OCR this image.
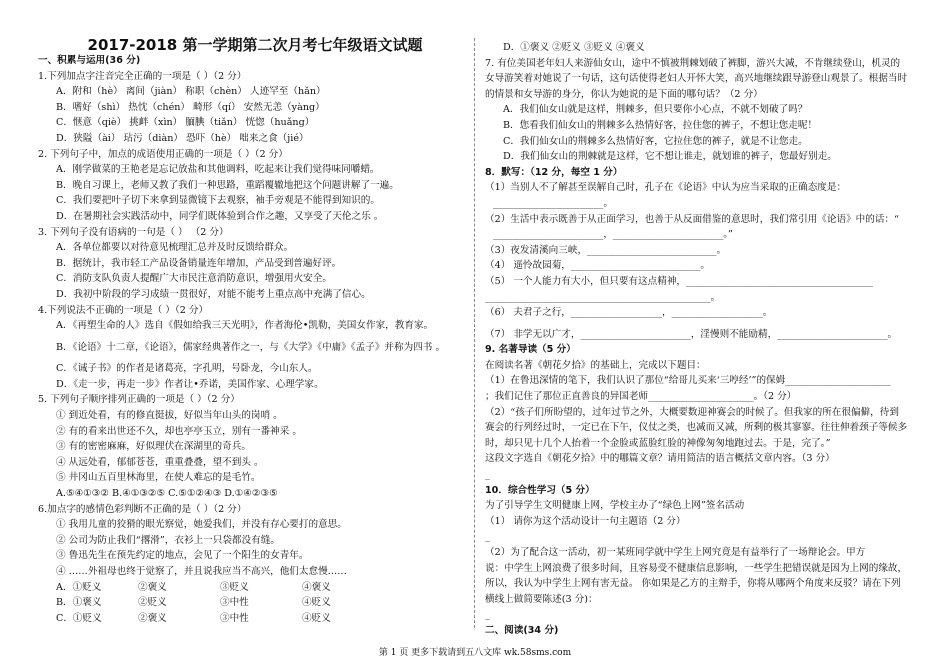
2017-2018 第一学期第二次月考七年级语文试题
一、积累与运用(36 分)
1.下列加点字注音完全正确的一项是（ ）（2 分）
A．附和（hè） 离间（jiàn） 称职（chèn） 人迹罕至（hǎn）
B．嗜好（shì） 热忱（chén） 畸形（qí） 安然无恙（yàng）
C．惬意（qiè） 挑衅（xìn） 腼腆（tiǎn） 恍惚（huǎng）
D．狭隘（ài） 玷污（diàn） 恐吓（hè） 咄来之食（jié）
2. 下列句子中，加点的成语使用正确的一项是（ ）（2 分）
A．刚学做菜的王艳老是忘记放盐和其他调料，吃起来让我们觉得味同嚼蜡。
B．晚自习课上，老师又教了我们一种思路，重蹈覆辙地把这个问题讲解了一遍。
C．我们要把叶子切下来拿到显微镜下去观察，袖手旁观是不能得到知识的。
D．在暑期社会实践活动中，同学们既体验到合作之趣，又享受了天伦之乐 。
3. 下列句子没有语病的一句是（ ） （2 分）
A．各单位都要以对待意见梳理汇总并及时反馈给群众。
B．据统计，我市轻工产品设备销量连年增加，产品受到普遍好评。
C．消防支队负责人提醒广大市民注意消防意识，增强用火安全。
D．我初中阶段的学习成绩一贯很好，对能不能考上重点高中充满了信心。
4.下列说法不正确的一项是（ ）（2 分）
A．《再塑生命的人》选自《假如给我三天光明》，作者海伦•凯勒，美国女作家，教育家。
B．《论语》十二章，《论语》，儒家经典著作之一，与《大学》《中庸》《孟子》并称为四书 。
C．《诫子书》的作者是诸葛亮，字孔明，号卧龙，今山东人。
D．《走一步，再走一步》作者让•乔诺，美国作家、心理学家。
5. 下列句子顺序排列正确的一项是（ ）（2 分）
① 到近处看，有的修直挺拔，好似当年山头的岗哨 。
② 有的看来出世还不久，却也亭亭玉立，别有一番神采 。
③ 有的密密麻麻，好似理伏在深湖里的奇兵。
④ 从远处看，郁郁苍苍，重重叠叠，望不到头 。
⑤ 井冈山五百里林海里，在使人难忘的是毛竹。
A.⑤④①③② B.④①③②⑤ C.⑤①②④③ D.①④②③⑤
6.加点字的感情色彩判断不正确的是（ ）（2 分）
① 我用儿童的狡猾的眼光察觉，她爱我们，并没有存心要打的意思。
② 公司为防止我们“撂滑”，衣衫上一只袋都没有缝。
③ 鲁迅先生在预先约定的地点，会见了一个阳生的女青年。
④ ……外祖母也终于觉察了，并且说我应当不高兴，他们太怠慢……
A．①贬义	②褒义	③贬义	④褒义
B．①褒义	②贬义	③中性	④贬义
C．①贬义	②褒义	③中性	④贬义
D．①褒义 ②贬义 ③贬义 ④褒义
7. 有位美国老年妇人来游仙女山，途中不慎被荆棘划破了裤脚，游兴大减，不肯继续登山，机灵的
女导游笑着对她说了一句话，这句话使得老妇人开怀大笑，高兴地继续跟导游登山观景了。根据当时
的情景和女导游的身分，你认为她说的是下面的哪句话？（2 分）
A．我们仙女山就是这样，荆棘多，但只要你小心点，不就不划破了吗？
B．您看我们仙女山的荆棘多么热情好客，拉住您的裤子，不想让您走呢！
C．我们仙女山的荆棘多么热情好客，它拉住您的裤子，就是不让您走。
D．我们仙女山的荆棘就是这样，它不想让谁走，就划谁的裤子，您最好别走。
8．默写：（12 分，每空 1 分）
（1）当别人不了解甚至误解自己时，孔子在《论语》中认为应当采取的正确态度是：
_______________________。
（2）生活中表示既善于从正面学习，也善于从反面借鉴的意思时，我们常引用《论语》中的话：“
_______________________，_______________________。”
（3）夜发清溪向三峡，___________________________。
（4） 遥怜故园菊，___________________________。
（5） 一个人能力有大小，但只要有这点精神，_______________________________________
_______________________________________________。
（6） 夫君子之行，___________________，___________________。
（7） 非学无以广才，_______________________，淫慢则不能励精，_______________________。
9. 名著导读（5 分）
在阅读名著《朝花夕拾》的基础上，完成以下题目：
（1）在鲁迅深情的笔下，我们认识了那位“给哥儿买来‘三哼经’”的保姆______________________
；我们记住了那位正直善良的异国老师______________________。（2 分）
（2）“孩子们所盼望的，过年过节之外，大概要数迎神赛会的时候了。但我家的所在很偏僻，待到
赛会的行列经过时，一定已在下午，仪仗之类，也减而又减，所剩的极其寥寥。往往伸着颈子等候多
时，却只见十几个人抬着一个金脸或蓝脸红脸的神像匆匆地跑过去。于是，完了。”
这段文字选自《朝花夕拾》中的哪篇文章？请用简洁的语言概括文章内容。（3 分）
_
10．综合性学习（5 分）
为了引导学生文明健康上网，学校主办了“绿色上网”签名活动
（1） 请你为这个活动设计一句主题语（2 分）
_
（2）为了配合这一活动，初一某班同学就中学生上网究竟是有益举行了一场辩论会。甲方
说：中学生上网浪费了很多时间，且容易受不健康信息影响，一些学生把错误就是因为上网的缘故，
所以，我认为中学生上网有害无益。 你如果是乙方的主辩手，你将从哪两个角度来反驳？请在下列
横线上做简要陈述(3 分)：
_
二、阅读(34 分)
第 1 页 更多下载请到五八文库 wk.58sms.com
